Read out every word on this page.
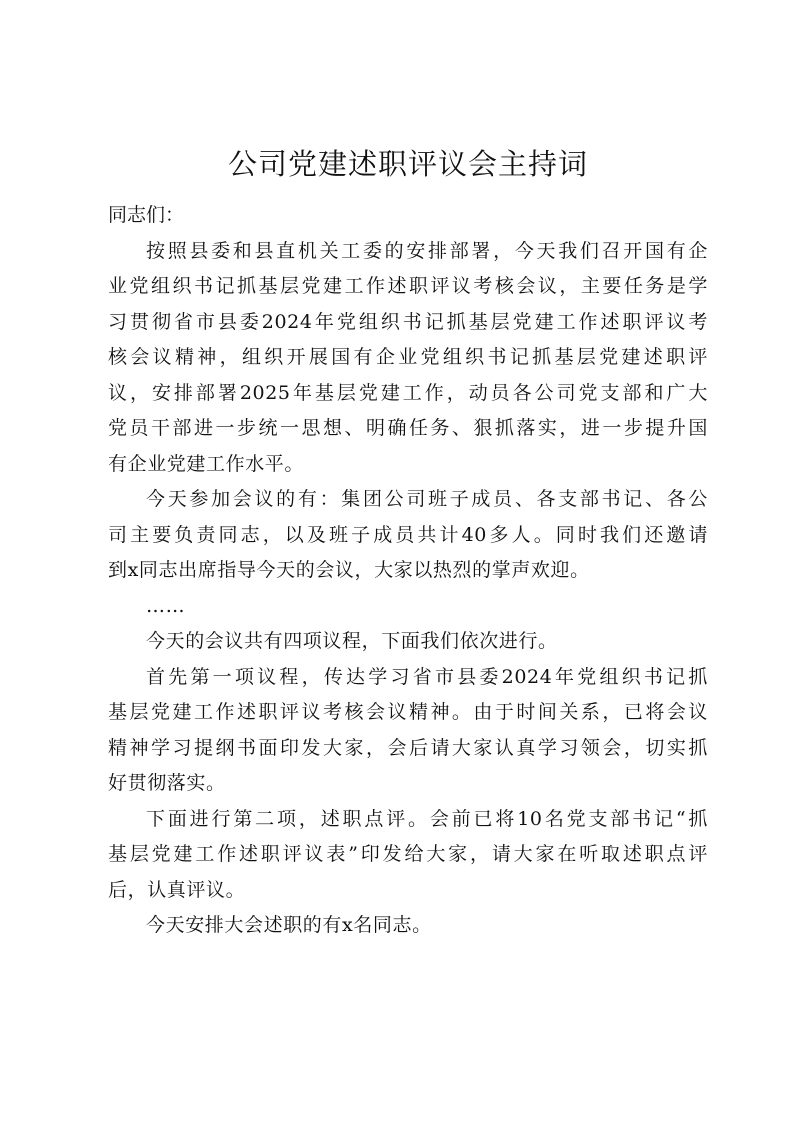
公司党建述职评议会主持词

同志们：

按照县委和县直机关工委的安排部署，今天我们召开国有企
业党组织书记抓基层党建工作述职评议考核会议，主要任务是学
习贯彻省市县委2024年党组织书记抓基层党建工作述职评议考
核会议精神，组织开展国有企业党组织书记抓基层党建述职评
议，安排部署2025年基层党建工作，动员各公司党支部和广大
党员干部进一步统一思想、明确任务、狠抓落实，进一步提升国
有企业党建工作水平。

今天参加会议的有：集团公司班子成员、各支部书记、各公
司主要负责同志，以及班子成员共计40多人。同时我们还邀请
到x同志出席指导今天的会议，大家以热烈的掌声欢迎。

……

今天的会议共有四项议程，下面我们依次进行。

首先第一项议程，传达学习省市县委2024年党组织书记抓
基层党建工作述职评议考核会议精神。由于时间关系，已将会议
精神学习提纲书面印发大家，会后请大家认真学习领会，切实抓
好贯彻落实。

下面进行第二项，述职点评。会前已将10名党支部书记“抓
基层党建工作述职评议表”印发给大家，请大家在听取述职点评
后，认真评议。

今天安排大会述职的有x名同志。
